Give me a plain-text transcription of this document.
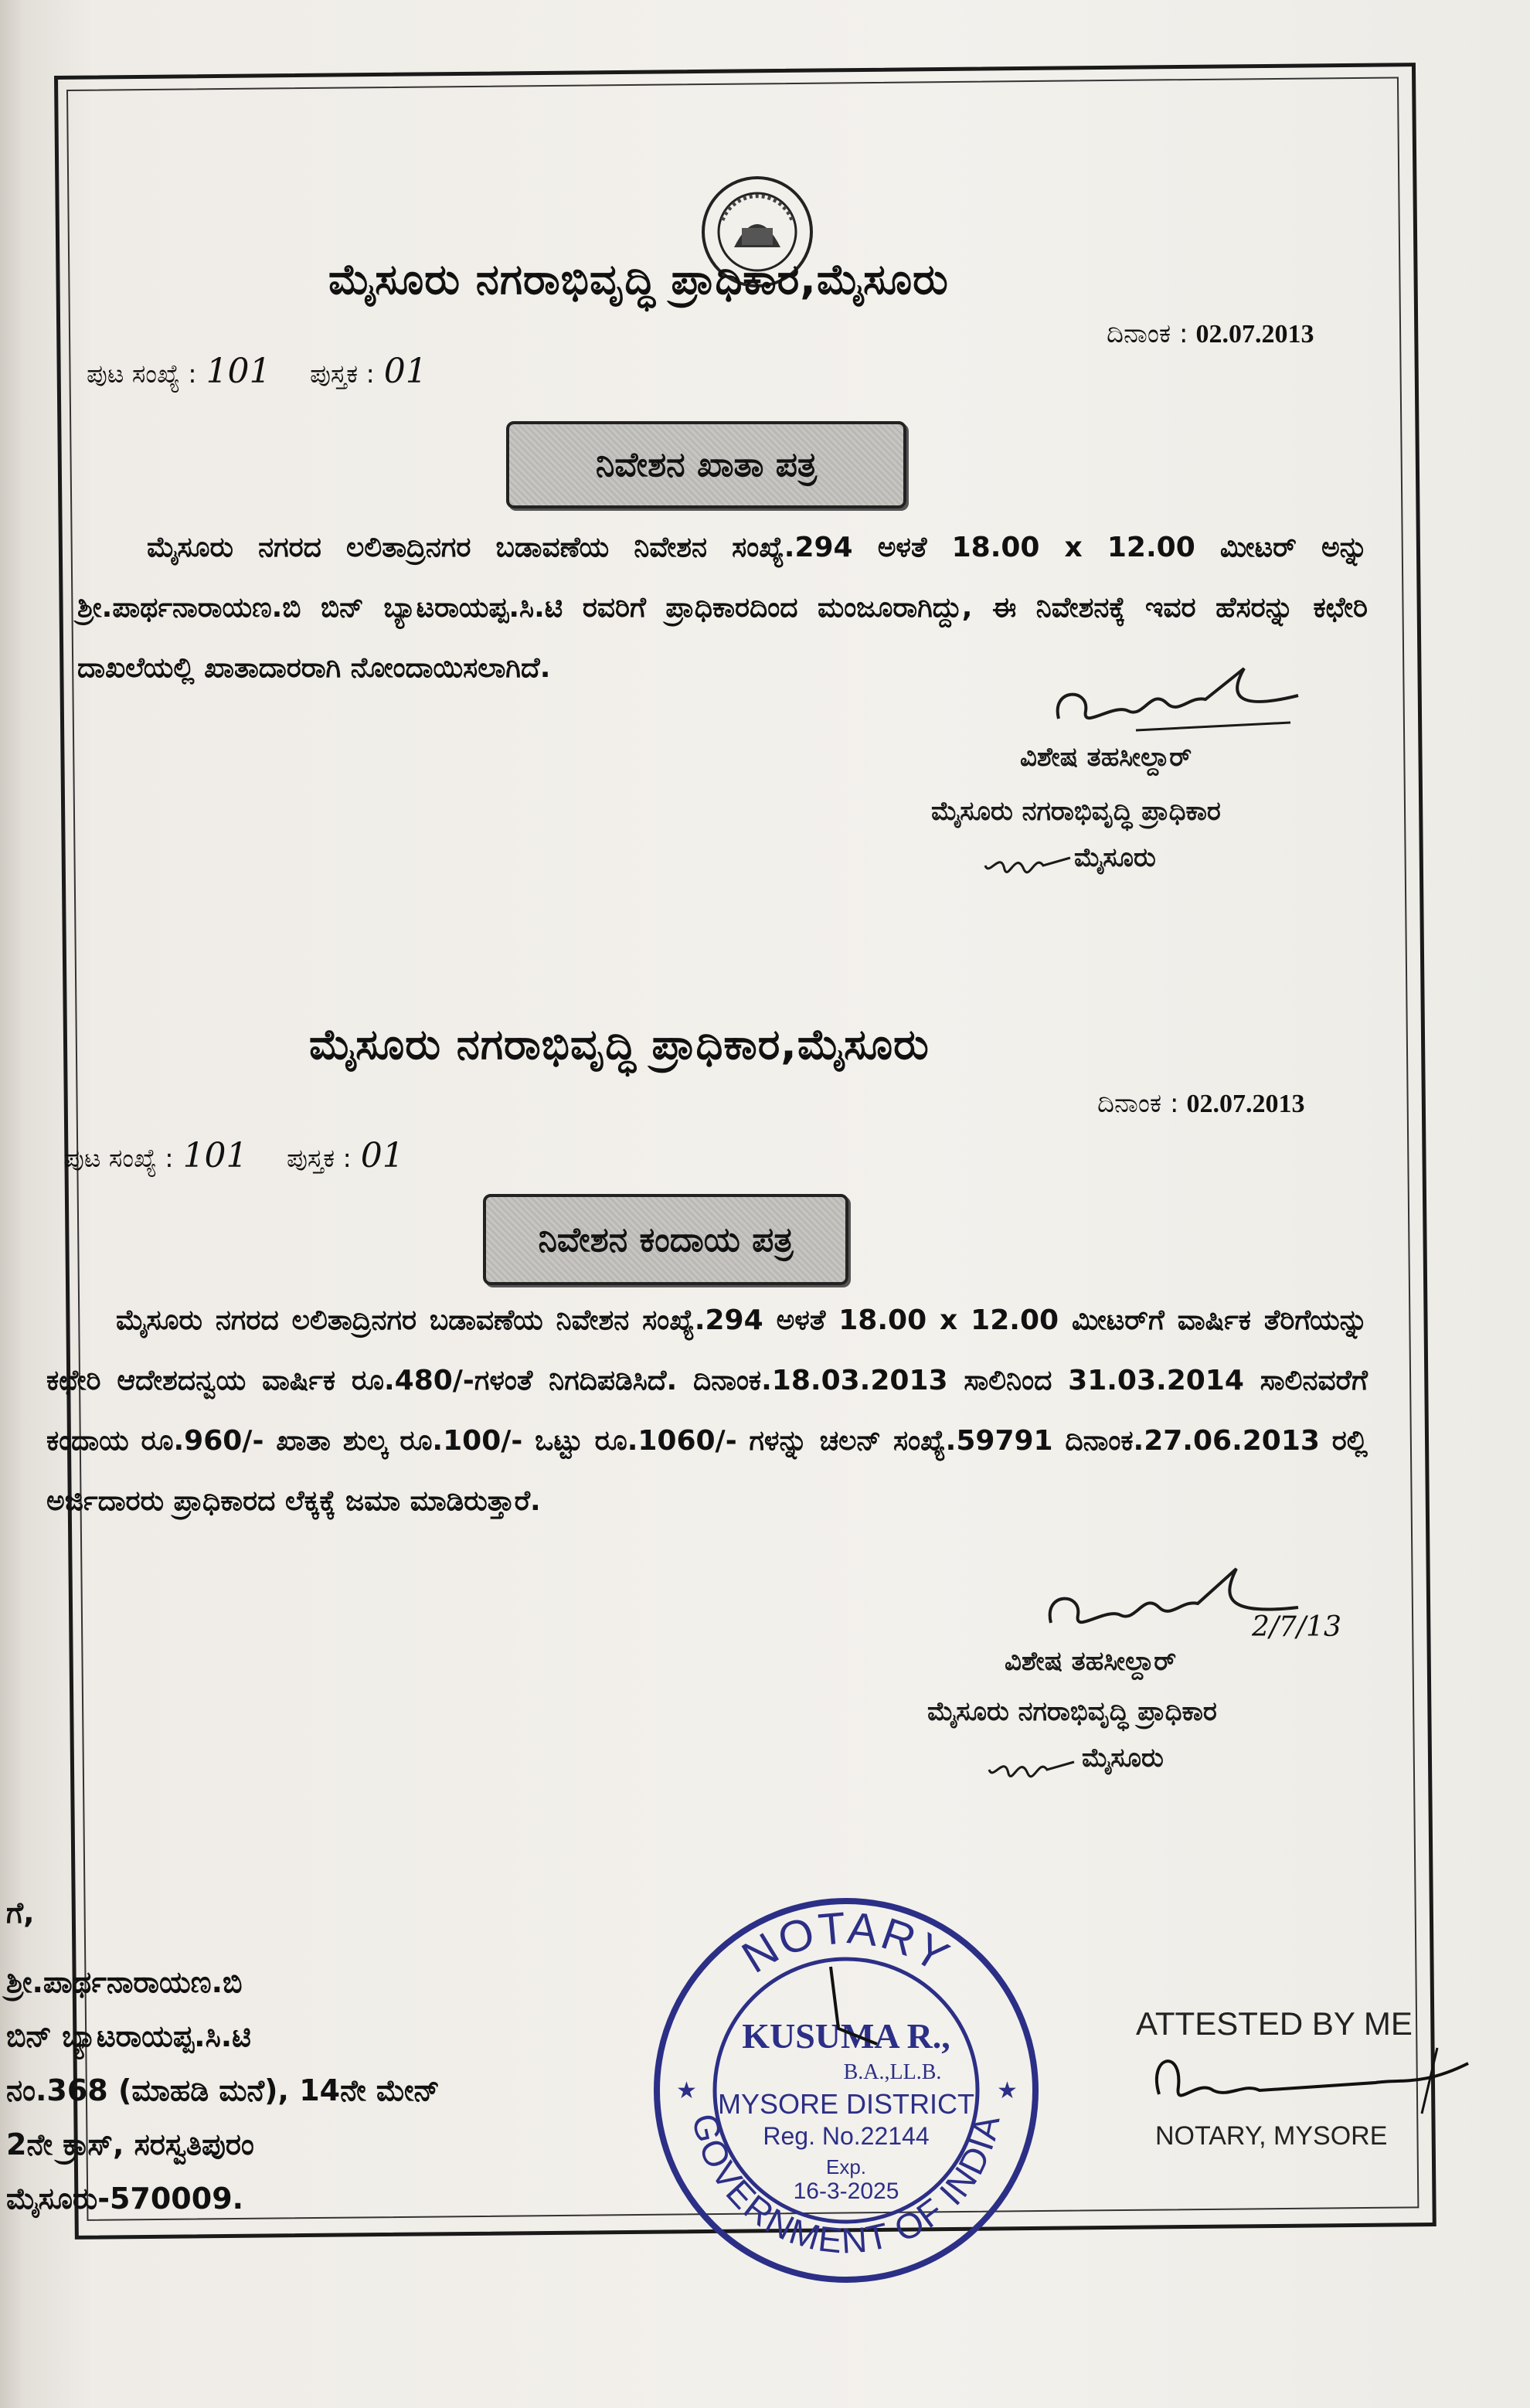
ಮೈಸೂರು ನಗರಾಭಿವೃದ್ಧಿ ಪ್ರಾಧಿಕಾರ,ಮೈಸೂರು
ದಿನಾಂಕ : 02.07.2013
ಪುಟ ಸಂಖ್ಯೆ : 101 ಪುಸ್ತಕ : 01
ನಿವೇಶನ ಖಾತಾ ಪತ್ರ

ಮೈಸೂರು ನಗರದ ಲಲಿತಾದ್ರಿನಗರ ಬಡಾವಣೆಯ ನಿವೇಶನ ಸಂಖ್ಯೆ.294 ಅಳತೆ 18.00 x 12.00 ಮೀಟರ್ ಅನ್ನು ಶ್ರೀ.ಪಾರ್ಥನಾರಾಯಣ.ಬಿ ಬಿನ್ ಬ್ಯಾಟರಾಯಪ್ಪ.ಸಿ.ಟಿ ರವರಿಗೆ ಪ್ರಾಧಿಕಾರದಿಂದ ಮಂಜೂರಾಗಿದ್ದು, ಈ ನಿವೇಶನಕ್ಕೆ ಇವರ ಹೆಸರನ್ನು ಕಛೇರಿ ದಾಖಲೆಯಲ್ಲಿ ಖಾತಾದಾರರಾಗಿ ನೋಂದಾಯಿಸಲಾಗಿದೆ.

ವಿಶೇಷ ತಹಸೀಲ್ದಾರ್
ಮೈಸೂರು ನಗರಾಭಿವೃದ್ಧಿ ಪ್ರಾಧಿಕಾರ
ಮೈಸೂರು
ಮೈಸೂರು ನಗರಾಭಿವೃದ್ಧಿ ಪ್ರಾಧಿಕಾರ,ಮೈಸೂರು
ದಿನಾಂಕ : 02.07.2013
ಪುಟ ಸಂಖ್ಯೆ : 101 ಪುಸ್ತಕ : 01
ನಿವೇಶನ ಕಂದಾಯ ಪತ್ರ

ಮೈಸೂರು ನಗರದ ಲಲಿತಾದ್ರಿನಗರ ಬಡಾವಣೆಯ ನಿವೇಶನ ಸಂಖ್ಯೆ.294 ಅಳತೆ 18.00 x 12.00 ಮೀಟರ್‌ಗೆ ವಾರ್ಷಿಕ ತೆರಿಗೆಯನ್ನು ಕಛೇರಿ ಆದೇಶದನ್ವಯ ವಾರ್ಷಿಕ ರೂ.480/-ಗಳಂತೆ ನಿಗದಿಪಡಿಸಿದೆ. ದಿನಾಂಕ.18.03.2013 ಸಾಲಿನಿಂದ 31.03.2014 ಸಾಲಿನವರೆಗೆ ಕಂದಾಯ ರೂ.960/- ಖಾತಾ ಶುಲ್ಕ ರೂ.100/- ಒಟ್ಟು ರೂ.1060/- ಗಳನ್ನು ಚಲನ್ ಸಂಖ್ಯೆ.59791 ದಿನಾಂಕ.27.06.2013 ರಲ್ಲಿ ಅರ್ಜಿದಾರರು ಪ್ರಾಧಿಕಾರದ ಲೆಕ್ಕಕ್ಕೆ ಜಮಾ ಮಾಡಿರುತ್ತಾರೆ.

2/7/13
ವಿಶೇಷ ತಹಸೀಲ್ದಾರ್
ಮೈಸೂರು ನಗರಾಭಿವೃದ್ಧಿ ಪ್ರಾಧಿಕಾರ
ಮೈಸೂರು
ಗೆ,
ಶ್ರೀ.ಪಾರ್ಥನಾರಾಯಣ.ಬಿ
ಬಿನ್ ಬ್ಯಾಟರಾಯಪ್ಪ.ಸಿ.ಟಿ
ನಂ.368 (ಮಾಹಡಿ ಮನೆ), 14ನೇ ಮೇನ್
2ನೇ ಕ್ರಾಸ್, ಸರಸ್ವತಿಪುರಂ
ಮೈಸೂರು-570009.
NOTARY
GOVERNMENT OF INDIA
★	★
KUSUMA R.,
B.A.,LL.B.
MYSORE DISTRICT
Reg. No.22144
Exp.
16-3-2025
ATTESTED BY ME
NOTARY, MYSORE
